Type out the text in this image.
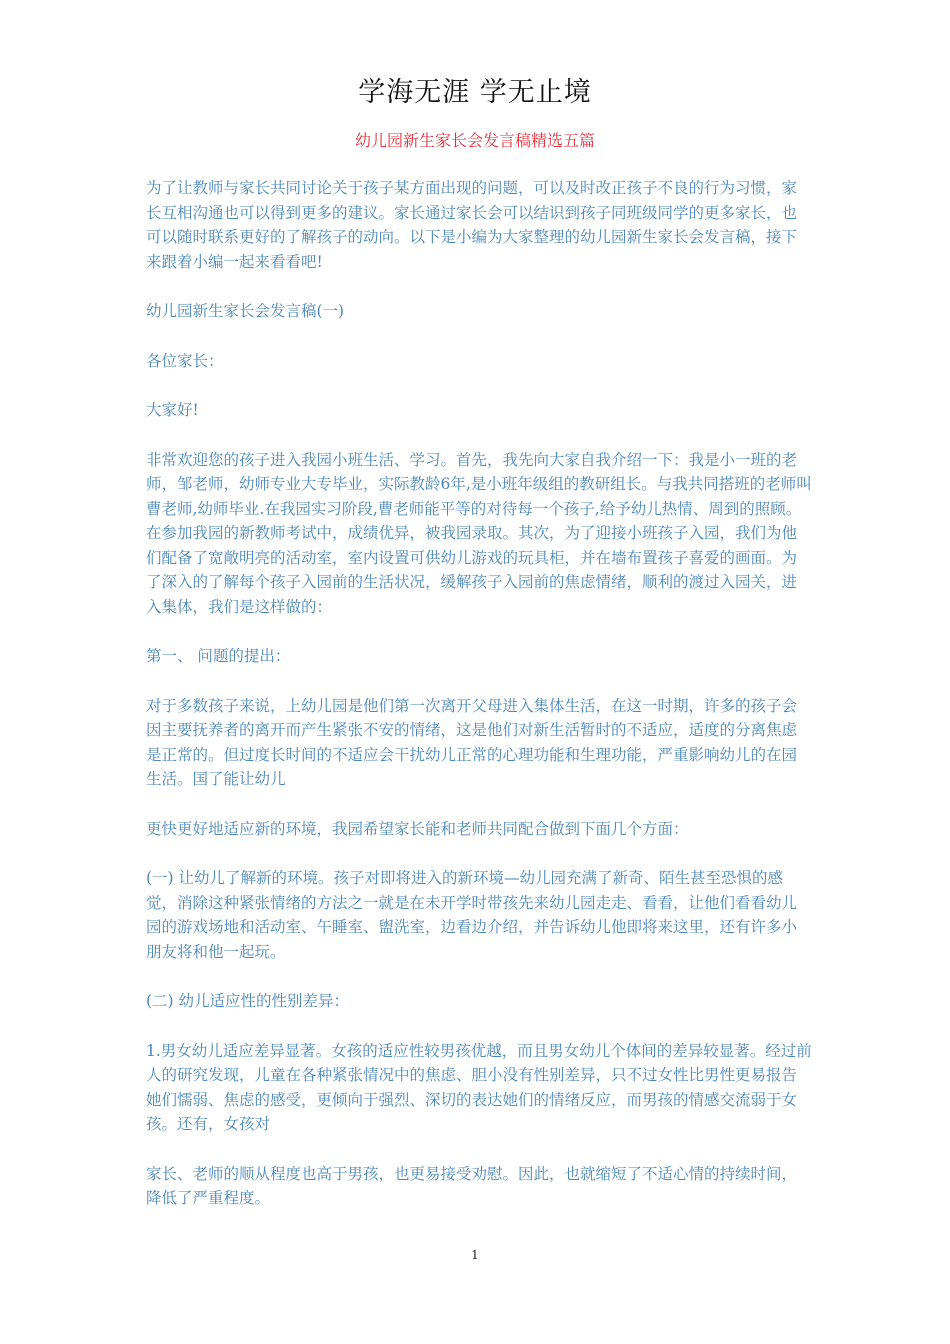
学海无涯 学无止境
幼儿园新生家长会发言稿精选五篇

为了让教师与家长共同讨论关于孩子某方面出现的问题，可以及时改正孩子不良的行为习惯，家长互相沟通也可以得到更多的建议。家长通过家长会可以结识到孩子同班级同学的更多家长，也可以随时联系更好的了解孩子的动向。以下是小编为大家整理的幼儿园新生家长会发言稿，接下来跟着小编一起来看看吧!

幼儿园新生家长会发言稿(一)

各位家长：

大家好!

非常欢迎您的孩子进入我园小班生活、学习。首先，我先向大家自我介绍一下：我是小一班的老师，邹老师，幼师专业大专毕业，实际教龄6年,是小班年级组的教研组长。与我共同搭班的老师叫曹老师,幼师毕业.在我园实习阶段,曹老师能平等的对待每一个孩子,给予幼儿热情、周到的照顾。在参加我园的新教师考试中，成绩优异，被我园录取。其次，为了迎接小班孩子入园，我们为他们配备了宽敞明亮的活动室，室内设置可供幼儿游戏的玩具柜，并在墙布置孩子喜爱的画面。为了深入的了解每个孩子入园前的生活状况，缓解孩子入园前的焦虑情绪，顺利的渡过入园关，进入集体，我们是这样做的：

第一、 问题的提出：

对于多数孩子来说，上幼儿园是他们第一次离开父母进入集体生活，在这一时期，许多的孩子会因主要抚养者的离开而产生紧张不安的情绪，这是他们对新生活暂时的不适应，适度的分离焦虑是正常的。但过度长时间的不适应会干扰幼儿正常的心理功能和生理功能，严重影响幼儿的在园生活。国了能让幼儿

更快更好地适应新的环境，我园希望家长能和老师共同配合做到下面几个方面：

(一) 让幼儿了解新的环境。孩子对即将进入的新环境—幼儿园充满了新奇、陌生甚至恐惧的感觉，消除这种紧张情绪的方法之一就是在未开学时带孩先来幼儿园走走、看看，让他们看看幼儿园的游戏场地和活动室、午睡室、盥洗室，边看边介绍，并告诉幼儿他即将来这里，还有许多小朋友将和他一起玩。

(二) 幼儿适应性的性别差异：

1.男女幼儿适应差异显著。女孩的适应性较男孩优越，而且男女幼儿个体间的差异较显著。经过前人的研究发现，儿童在各种紧张情况中的焦虑、胆小没有性别差异，只不过女性比男性更易报告她们懦弱、焦虑的感受，更倾向于强烈、深切的表达她们的情绪反应，而男孩的情感交流弱于女孩。还有，女孩对

家长、老师的顺从程度也高于男孩，也更易接受劝慰。因此，也就缩短了不适心情的持续时间，降低了严重程度。

1
